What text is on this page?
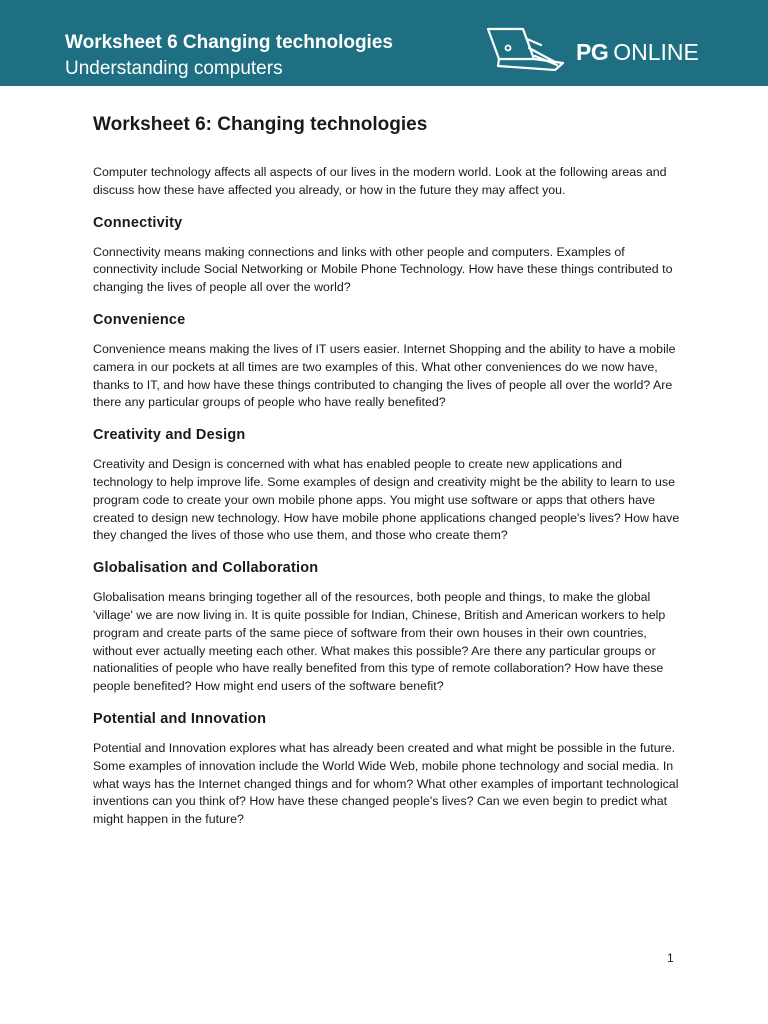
Worksheet 6 Changing technologies
Understanding computers
PG ONLINE
Worksheet 6: Changing technologies

Computer technology affects all aspects of our lives in the modern world. Look at the following areas and discuss how these have affected you already, or how in the future they may affect you.

Connectivity

Connectivity means making connections and links with other people and computers. Examples of connectivity include Social Networking or Mobile Phone Technology. How have these things contributed to changing the lives of people all over the world?

Convenience

Convenience means making the lives of IT users easier. Internet Shopping and the ability to have a mobile camera in our pockets at all times are two examples of this. What other conveniences do we now have, thanks to IT, and how have these things contributed to changing the lives of people all over the world? Are there any particular groups of people who have really benefited?

Creativity and Design

Creativity and Design is concerned with what has enabled people to create new applications and technology to help improve life. Some examples of design and creativity might be the ability to learn to use program code to create your own mobile phone apps. You might use software or apps that others have created to design new technology. How have mobile phone applications changed people's lives? How have they changed the lives of those who use them, and those who create them?

Globalisation and Collaboration

Globalisation means bringing together all of the resources, both people and things, to make the global 'village' we are now living in. It is quite possible for Indian, Chinese, British and American workers to help program and create parts of the same piece of software from their own houses in their own countries, without ever actually meeting each other. What makes this possible? Are there any particular groups or nationalities of people who have really benefited from this type of remote collaboration? How have these people benefited? How might end users of the software benefit?

Potential and Innovation

Potential and Innovation explores what has already been created and what might be possible in the future. Some examples of innovation include the World Wide Web, mobile phone technology and social media. In what ways has the Internet changed things and for whom? What other examples of important technological inventions can you think of? How have these changed people's lives? Can we even begin to predict what might happen in the future?

1
